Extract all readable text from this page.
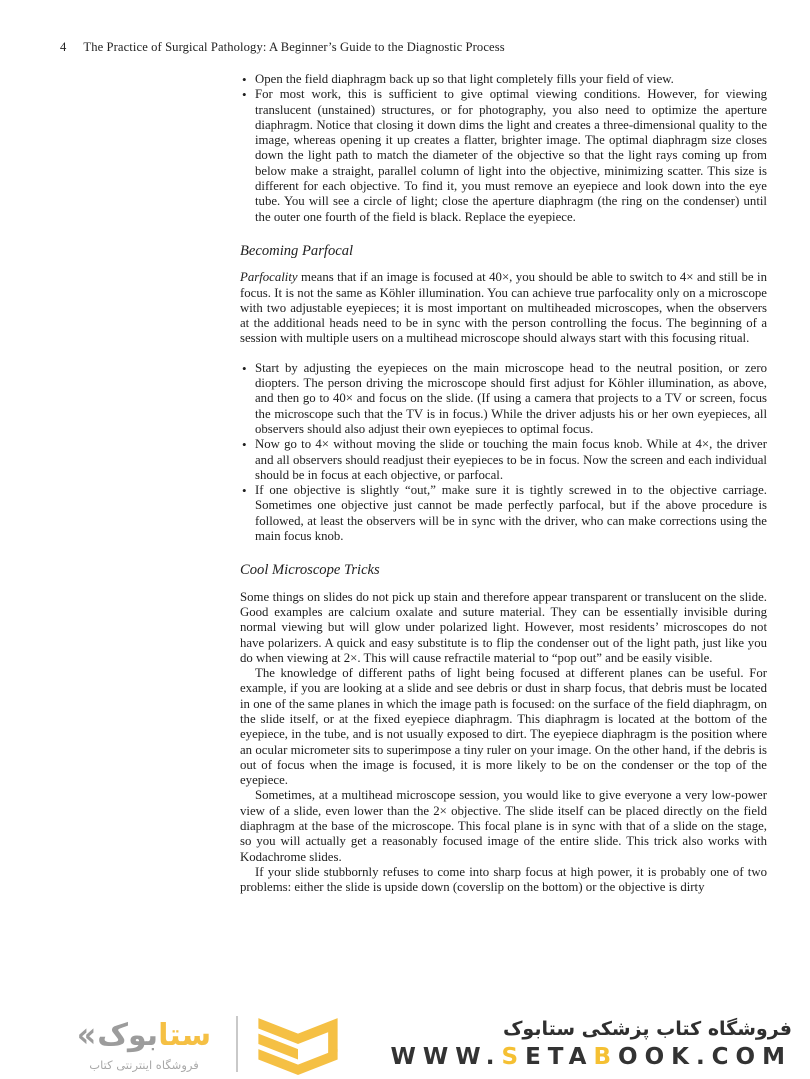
4 The Practice of Surgical Pathology: A Beginner’s Guide to the Diagnostic Process
• Open the field diaphragm back up so that light completely fills your field of view.
• For most work, this is sufficient to give optimal viewing conditions. However, for viewing translucent (unstained) structures, or for photography, you also need to optimize the aperture diaphragm. Notice that closing it down dims the light and creates a three-dimensional quality to the image, whereas opening it up creates a flatter, brighter image. The optimal diaphragm size closes down the light path to match the diameter of the objective so that the light rays coming up from below make a straight, parallel column of light into the objective, minimizing scatter. This size is different for each objective. To find it, you must remove an eyepiece and look down into the eye tube. You will see a circle of light; close the aperture diaphragm (the ring on the condenser) until the outer one fourth of the field is black. Replace the eyepiece.
Becoming Parfocal

Parfocality means that if an image is focused at 40×, you should be able to switch to 4× and still be in focus. It is not the same as Köhler illumination. You can achieve true parfocality only on a microscope with two adjustable eyepieces; it is most important on multiheaded microscopes, when the observers at the additional heads need to be in sync with the person controlling the focus. The beginning of a session with multiple users on a multihead microscope should always start with this focusing ritual.

• Start by adjusting the eyepieces on the main microscope head to the neutral position, or zero diopters. The person driving the microscope should first adjust for Köhler illumination, as above, and then go to 40× and focus on the slide. (If using a camera that projects to a TV or screen, focus the microscope such that the TV is in focus.) While the driver adjusts his or her own eyepieces, all observers should also adjust their own eyepieces to optimal focus.
• Now go to 4× without moving the slide or touching the main focus knob. While at 4×, the driver and all observers should readjust their eyepieces to be in focus. Now the screen and each individual should be in focus at each objective, or parfocal.
• If one objective is slightly “out,” make sure it is tightly screwed in to the objective carriage. Sometimes one objective just cannot be made perfectly parfocal, but if the above procedure is followed, at least the observers will be in sync with the driver, who can make corrections using the main focus knob.
Cool Microscope Tricks

Some things on slides do not pick up stain and therefore appear transparent or translucent on the slide. Good examples are calcium oxalate and suture material. They can be essentially invisible during normal viewing but will glow under polarized light. However, most residents’ microscopes do not have polarizers. A quick and easy substitute is to flip the condenser out of the light path, just like you do when viewing at 2×. This will cause refractile material to “pop out” and be easily visible.

The knowledge of different paths of light being focused at different planes can be useful. For example, if you are looking at a slide and see debris or dust in sharp focus, that debris must be located in one of the same planes in which the image path is focused: on the surface of the field diaphragm, on the slide itself, or at the fixed eyepiece diaphragm. This diaphragm is located at the bottom of the eyepiece, in the tube, and is not usually exposed to dirt. The eyepiece diaphragm is the position where an ocular micrometer sits to superimpose a tiny ruler on your image. On the other hand, if the debris is out of focus when the image is focused, it is more likely to be on the condenser or the top of the eyepiece.

Sometimes, at a multihead microscope session, you would like to give everyone a very low-power view of a slide, even lower than the 2× objective. The slide itself can be placed directly on the field diaphragm at the base of the microscope. This focal plane is in sync with that of a slide on the stage, so you will actually get a reasonably focused image of the entire slide. This trick also works with Kodachrome slides.

If your slide stubbornly refuses to come into sharp focus at high power, it is probably one of two problems: either the slide is upside down (coverslip on the bottom) or the objective is dirty

«	ستابوک
فروشگاه اینترنتی کتاب
فروشگاه کتاب پزشکی ستابوک
WWW.SETABOOK.COM
